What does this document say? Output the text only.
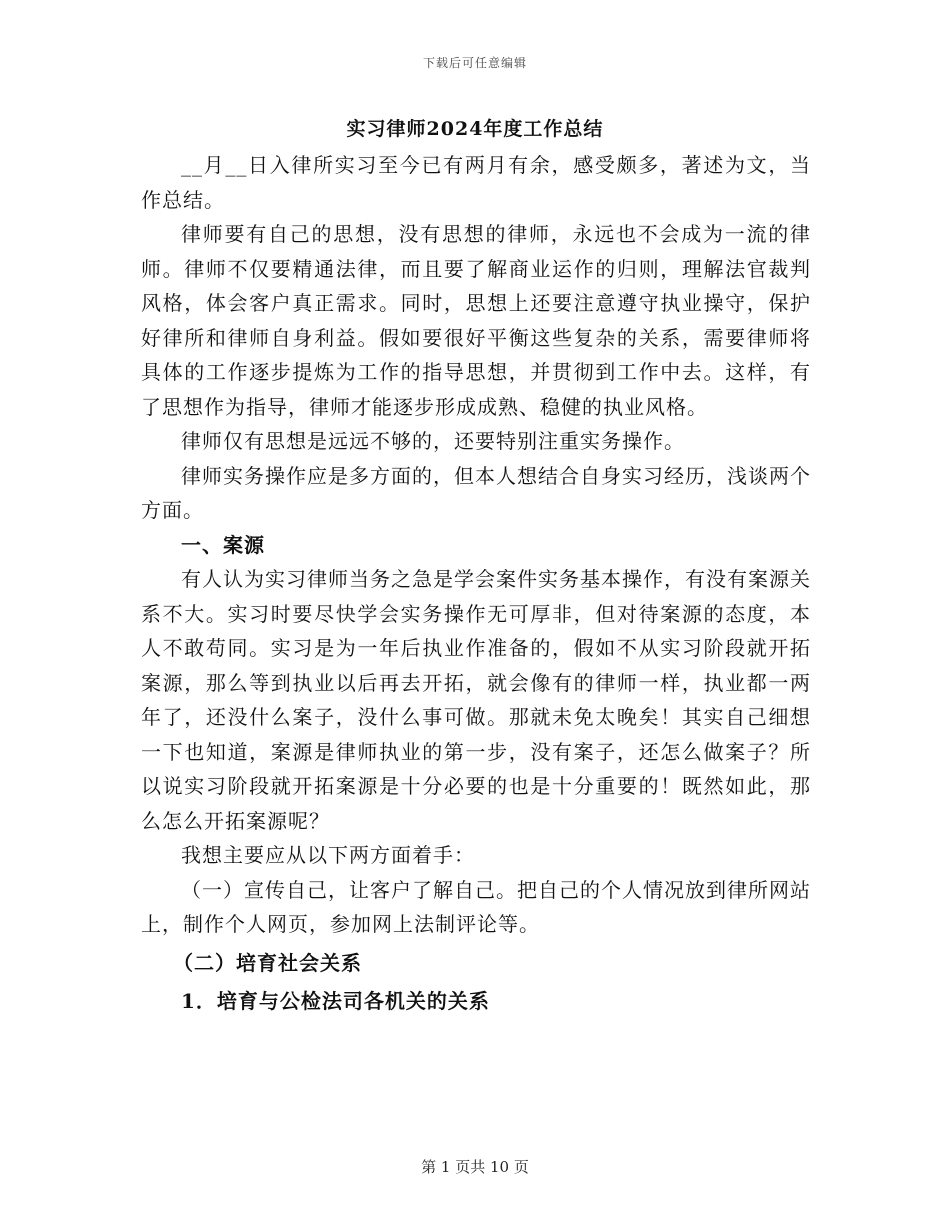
下载后可任意编辑
实习律师2024年度工作总结

__月__日入律所实习至今已有两月有余，感受颇多，著述为文，当作总结。

律师要有自己的思想，没有思想的律师，永远也不会成为一流的律师。律师不仅要精通法律，而且要了解商业运作的归则，理解法官裁判风格，体会客户真正需求。同时，思想上还要注意遵守执业操守，保护好律所和律师自身利益。假如要很好平衡这些复杂的关系，需要律师将具体的工作逐步提炼为工作的指导思想，并贯彻到工作中去。这样，有了思想作为指导，律师才能逐步形成成熟、稳健的执业风格。

律师仅有思想是远远不够的，还要特别注重实务操作。

律师实务操作应是多方面的，但本人想结合自身实习经历，浅谈两个方面。

一、案源

有人认为实习律师当务之急是学会案件实务基本操作，有没有案源关系不大。实习时要尽快学会实务操作无可厚非，但对待案源的态度，本人不敢苟同。实习是为一年后执业作准备的，假如不从实习阶段就开拓案源，那么等到执业以后再去开拓，就会像有的律师一样，执业都一两年了，还没什么案子，没什么事可做。那就未免太晚矣！其实自己细想一下也知道，案源是律师执业的第一步，没有案子，还怎么做案子？所以说实习阶段就开拓案源是十分必要的也是十分重要的！既然如此，那么怎么开拓案源呢？

我想主要应从以下两方面着手：

（一）宣传自己，让客户了解自己。把自己的个人情况放到律所网站上，制作个人网页，参加网上法制评论等。

（二）培育社会关系
1．培育与公检法司各机关的关系
第 1 页共 10 页
